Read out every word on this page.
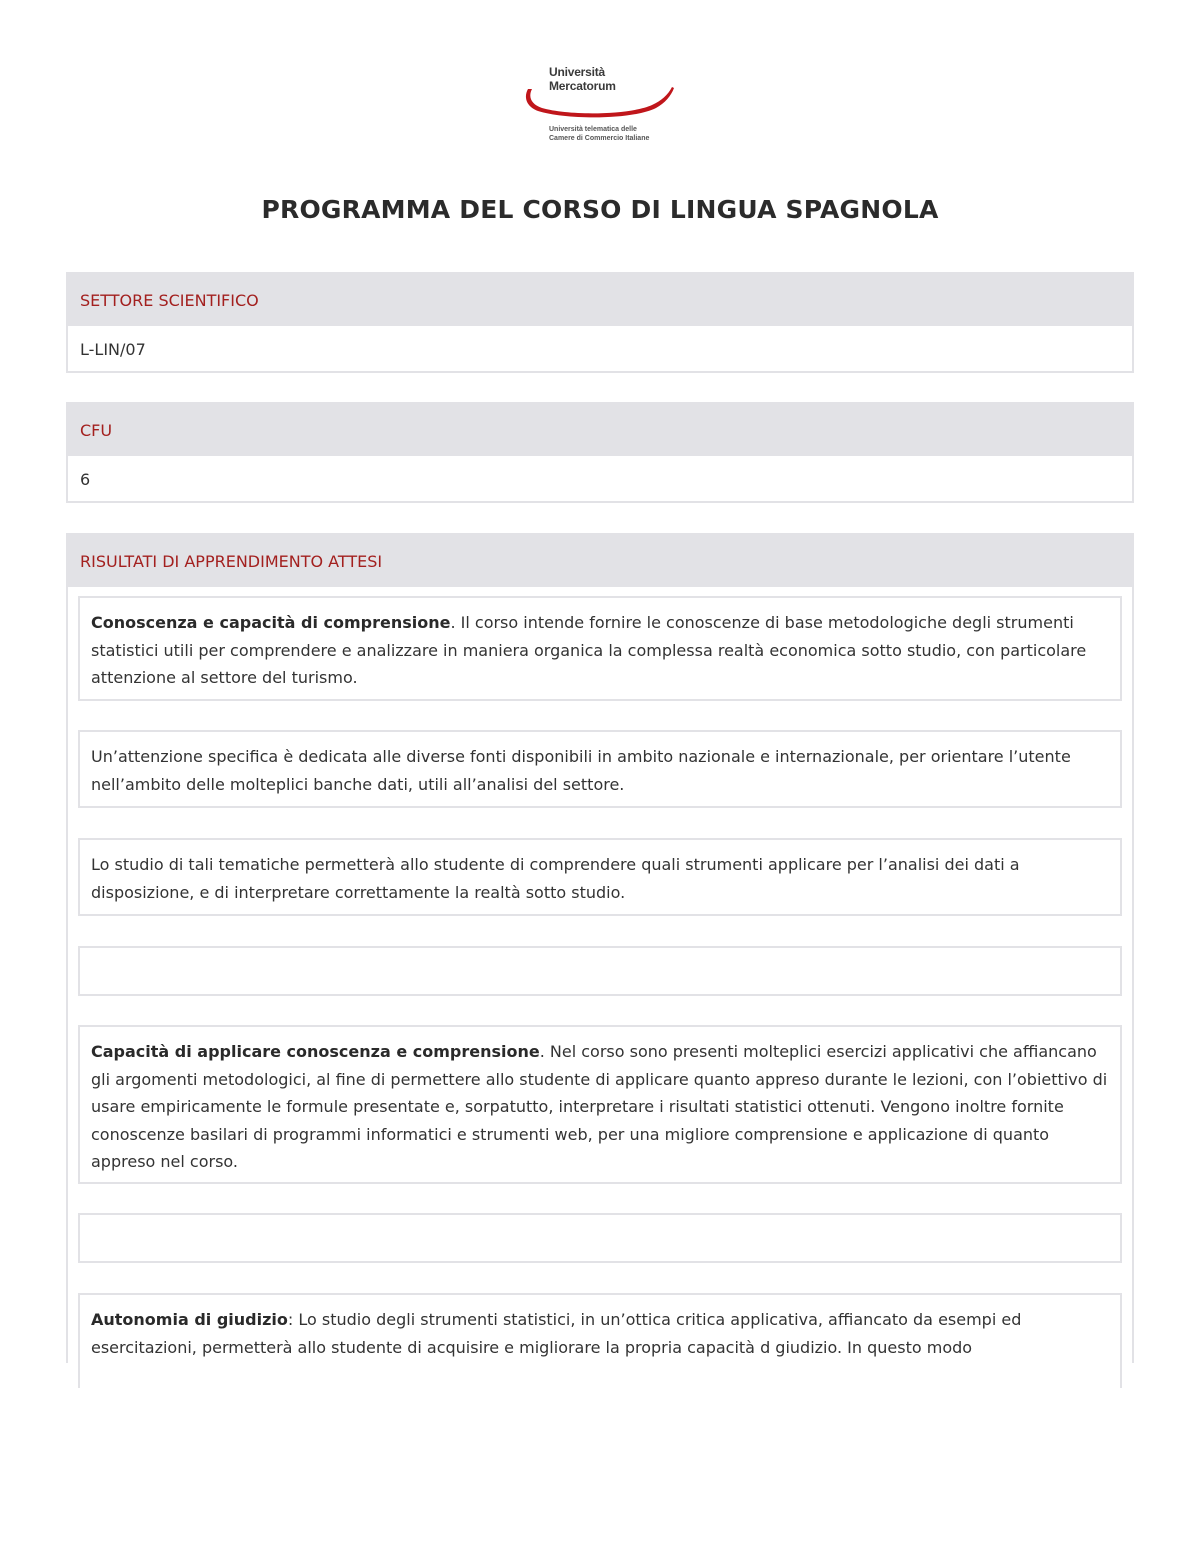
Università
Mercatorum
Università telematica delle
Camere di Commercio Italiane
PROGRAMMA DEL CORSO DI LINGUA SPAGNOLA
SETTORE SCIENTIFICO
L-LIN/07
CFU
6
RISULTATI DI APPRENDIMENTO ATTESI
Conoscenza e capacità di comprensione. Il corso intende fornire le conoscenze di base metodologiche degli strumenti statistici utili per comprendere e analizzare in maniera organica la complessa realtà economica sotto studio, con particolare attenzione al settore del turismo.
Un’attenzione specifica è dedicata alle diverse fonti disponibili in ambito nazionale e internazionale, per orientare l’utente nell’ambito delle molteplici banche dati, utili all’analisi del settore.
Lo studio di tali tematiche permetterà allo studente di comprendere quali strumenti applicare per l’analisi dei dati a disposizione, e di interpretare correttamente la realtà sotto studio.
Capacità di applicare conoscenza e comprensione. Nel corso sono presenti molteplici esercizi applicativi che affiancano gli argomenti metodologici, al fine di permettere allo studente di applicare quanto appreso durante le lezioni, con l’obiettivo di usare empiricamente le formule presentate e, sorpatutto, interpretare i risultati statistici ottenuti. Vengono inoltre fornite conoscenze basilari di programmi informatici e strumenti web, per una migliore comprensione e applicazione di quanto appreso nel corso.
Autonomia di giudizio: Lo studio degli strumenti statistici, in un’ottica critica applicativa, affiancato da esempi ed esercitazioni, permetterà allo studente di acquisire e migliorare la propria capacità d giudizio. In questo modo
